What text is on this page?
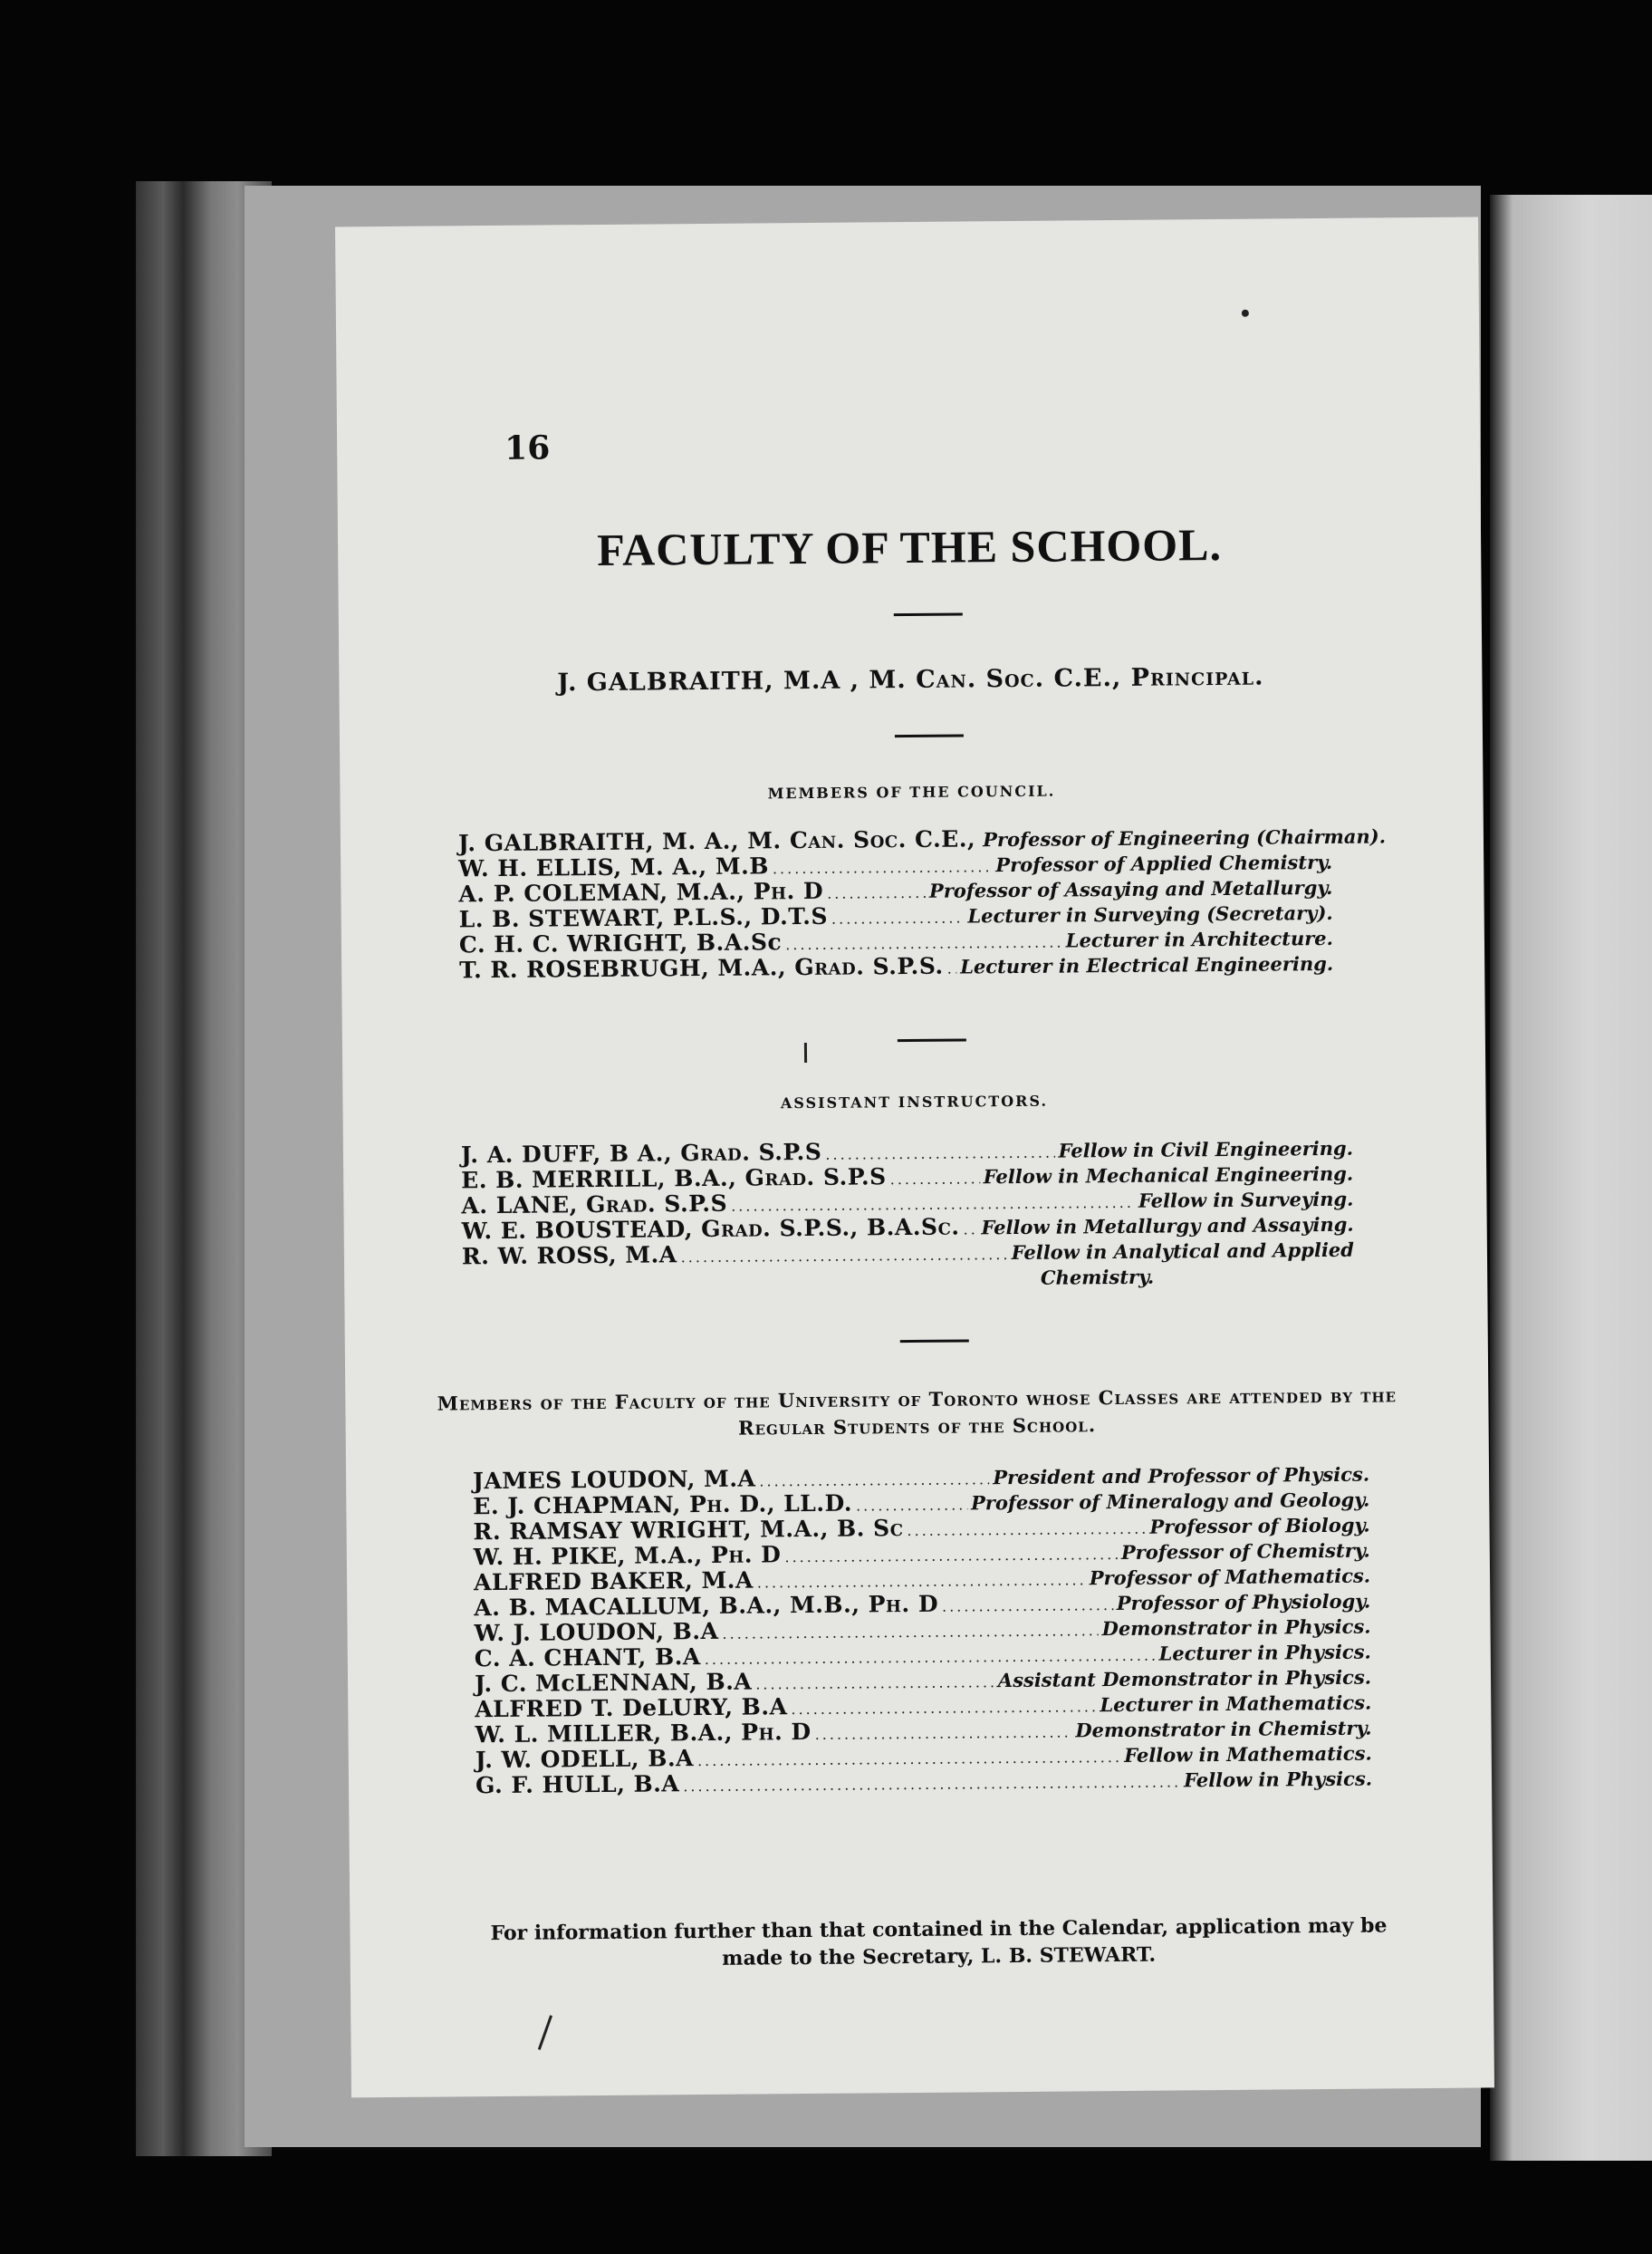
16

FACULTY OF THE SCHOOL.

J. GALBRAITH, M.A , M. Can. Soc. C.E., Principal.

MEMBERS OF THE COUNCIL.

J. GALBRAITH, M. A., M. Can. Soc. C.E., ..... Professor of Engineering (Chairman).
W. H. ELLIS, M. A., M.B .....	Professor of Applied Chemistry.
A. P. COLEMAN, M.A., Ph. D .....	Professor of Assaying and Metallurgy.
L. B. STEWART, P.L.S., D.T.S .....	Lecturer in Surveying (Secretary).
C. H. C. WRIGHT, B.A.Sc .....	Lecturer in Architecture.
T. R. ROSEBRUGH, M.A., Grad. S.P.S. ..... Lecturer in Electrical Engineering.

ASSISTANT INSTRUCTORS.

J. A. DUFF, B A., Grad. S.P.S .....	Fellow in Civil Engineering.
E. B. MERRILL, B.A., Grad. S.P.S .....	Fellow in Mechanical Engineering.
A. LANE, Grad. S.P.S .....	Fellow in Surveying.
W. E. BOUSTEAD, Grad. S.P.S., B.A.Sc. ..... Fellow in Metallurgy and Assaying.
R. W. ROSS, M.A .....	Fellow in Analytical and Applied
Chemistry.

Members of the Faculty of the University of Toronto whose Classes are attended by the Regular Students of the School.

JAMES LOUDON, M.A .....	President and Professor of Physics.
E. J. CHAPMAN, Ph. D., LL.D. .....	Professor of Mineralogy and Geology.
R. RAMSAY WRIGHT, M.A., B. Sc .....	Professor of Biology.
W. H. PIKE, M.A., Ph. D .....	Professor of Chemistry.
ALFRED BAKER, M.A .....	Professor of Mathematics.
A. B. MACALLUM, B.A., M.B., Ph. D .....	Professor of Physiology.
W. J. LOUDON, B.A .....	Demonstrator in Physics.
C. A. CHANT, B.A .....	Lecturer in Physics.
J. C. McLENNAN, B.A .....	Assistant Demonstrator in Physics.
ALFRED T. DeLURY, B.A .....	Lecturer in Mathematics.
W. L. MILLER, B.A., Ph. D .....	Demonstrator in Chemistry.
J. W. ODELL, B.A .....	Fellow in Mathematics.
G. F. HULL, B.A .....	Fellow in Physics.

For information further than that contained in the Calendar, application may be made to the Secretary, L. B. STEWART.
